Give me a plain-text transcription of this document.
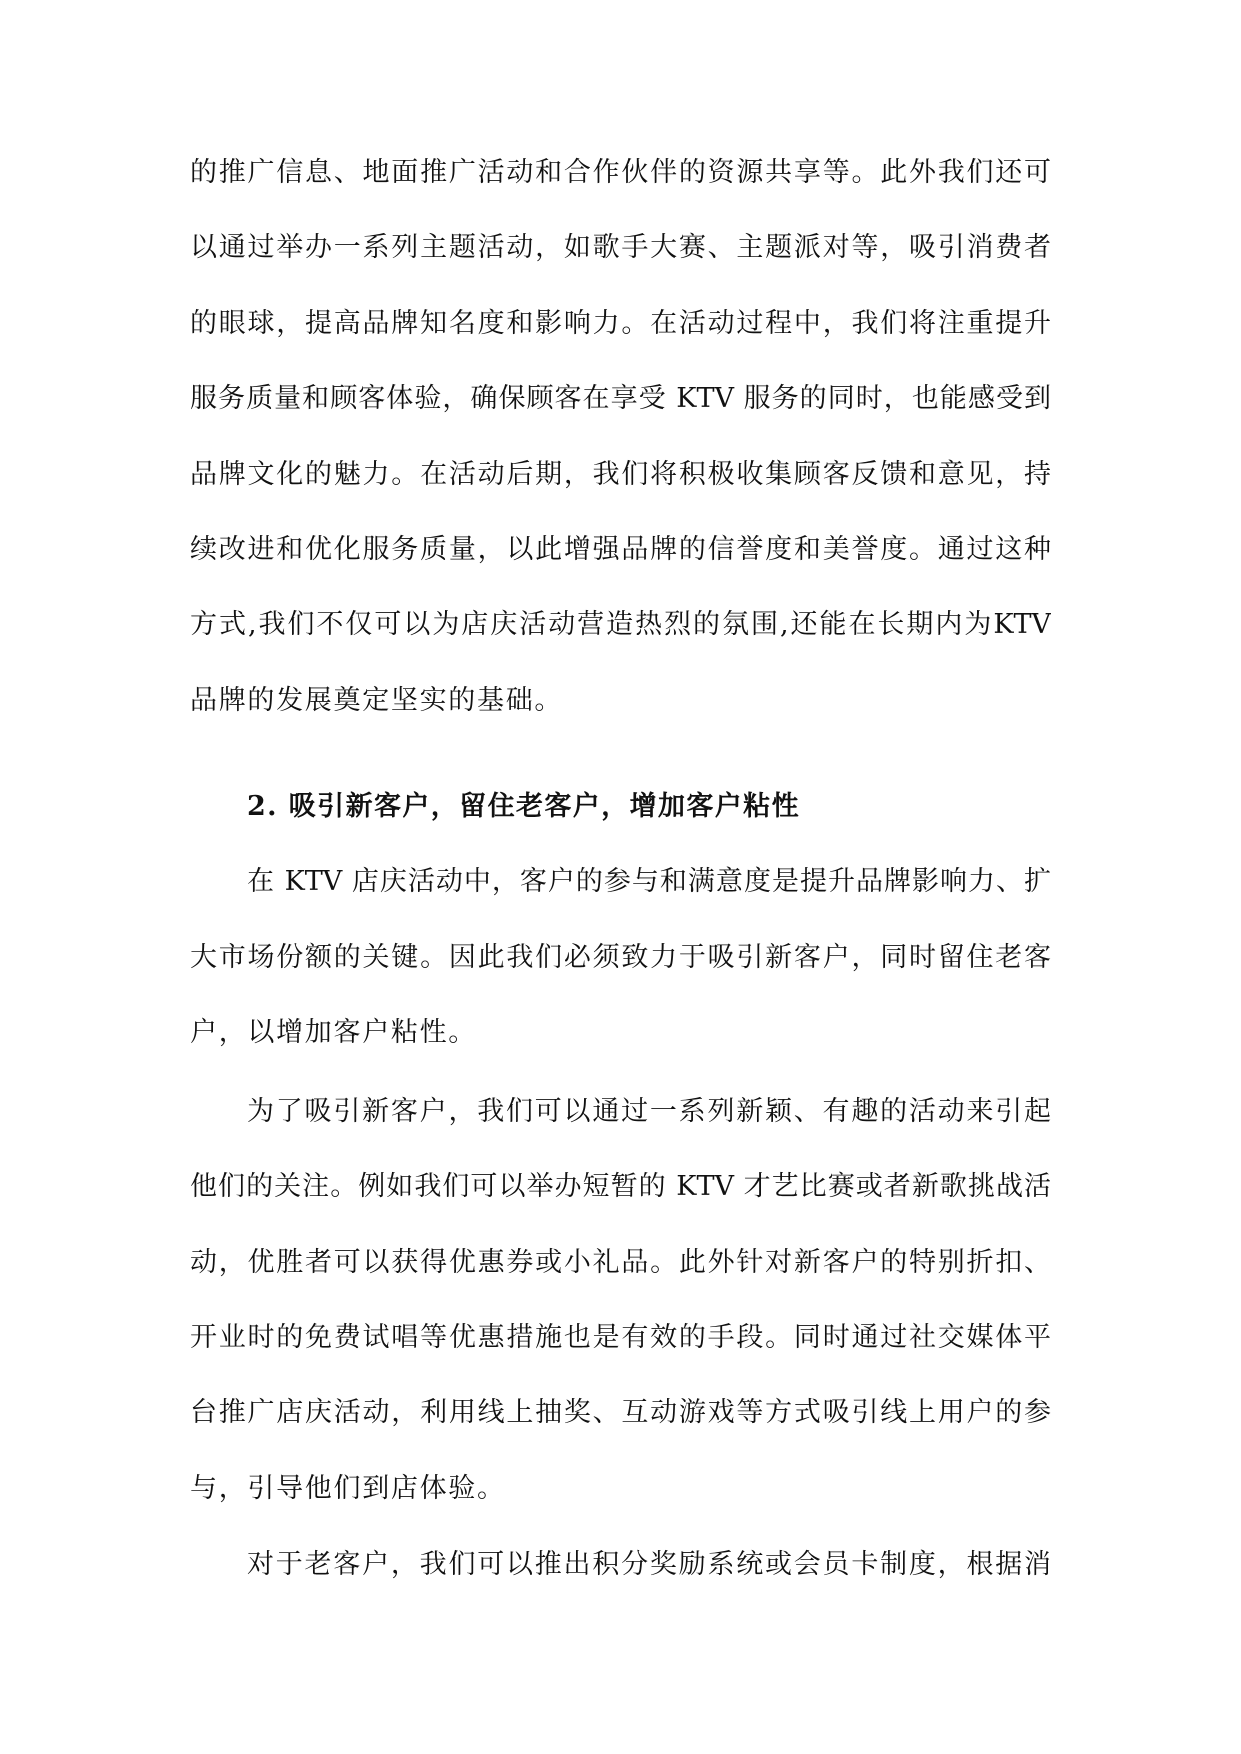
的推广信息、地面推广活动和合作伙伴的资源共享等。此外我们还可
以通过举办一系列主题活动，如歌手大赛、主题派对等，吸引消费者
的眼球，提高品牌知名度和影响力。在活动过程中，我们将注重提升
服务质量和顾客体验，确保顾客在享受 KTV 服务的同时，也能感受到
品牌文化的魅力。在活动后期，我们将积极收集顾客反馈和意见，持
续改进和优化服务质量，以此增强品牌的信誉度和美誉度。通过这种
方式,我们不仅可以为店庆活动营造热烈的氛围,还能在长期内为KTV
品牌的发展奠定坚实的基础。
2. 吸引新客户，留住老客户，增加客户粘性
在 KTV 店庆活动中，客户的参与和满意度是提升品牌影响力、扩
大市场份额的关键。因此我们必须致力于吸引新客户，同时留住老客
户，以增加客户粘性。
为了吸引新客户，我们可以通过一系列新颖、有趣的活动来引起
他们的关注。例如我们可以举办短暂的 KTV 才艺比赛或者新歌挑战活
动，优胜者可以获得优惠券或小礼品。此外针对新客户的特别折扣、
开业时的免费试唱等优惠措施也是有效的手段。同时通过社交媒体平
台推广店庆活动，利用线上抽奖、互动游戏等方式吸引线上用户的参
与，引导他们到店体验。
对于老客户，我们可以推出积分奖励系统或会员卡制度，根据消
